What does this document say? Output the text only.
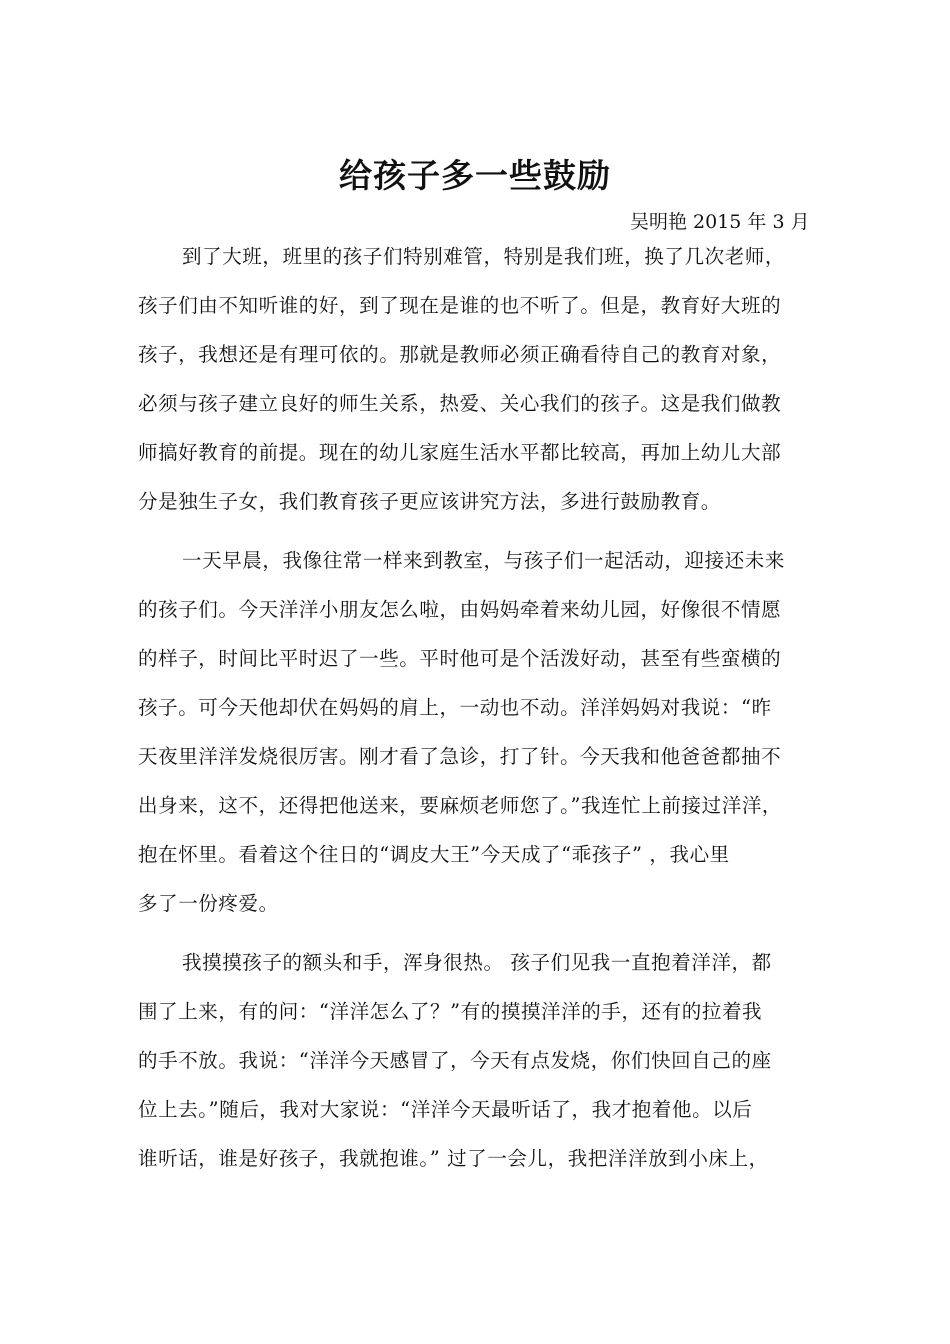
给孩子多一些鼓励

吴明艳 2015 年 3 月

到了大班，班里的孩子们特别难管，特别是我们班，换了几次老师，
孩子们由不知听谁的好，到了现在是谁的也不听了。但是，教育好大班的
孩子，我想还是有理可依的。那就是教师必须正确看待自己的教育对象，
必须与孩子建立良好的师生关系，热爱、关心我们的孩子。这是我们做教
师搞好教育的前提。现在的幼儿家庭生活水平都比较高，再加上幼儿大部
分是独生子女，我们教育孩子更应该讲究方法，多进行鼓励教育。
一天早晨，我像往常一样来到教室，与孩子们一起活动，迎接还未来
的孩子们。今天洋洋小朋友怎么啦，由妈妈牵着来幼儿园，好像很不情愿
的样子，时间比平时迟了一些。平时他可是个活泼好动，甚至有些蛮横的
孩子。可今天他却伏在妈妈的肩上，一动也不动。洋洋妈妈对我说：“昨
天夜里洋洋发烧很厉害。刚才看了急诊，打了针。今天我和他爸爸都抽不
出身来，这不，还得把他送来，要麻烦老师您了。”我连忙上前接过洋洋，
抱在怀里。看着这个往日的“调皮大王”今天成了“乖孩子” ，我心里
多了一份疼爱。
我摸摸孩子的额头和手，浑身很热。 孩子们见我一直抱着洋洋，都
围了上来，有的问：“洋洋怎么了？”有的摸摸洋洋的手，还有的拉着我
的手不放。我说：“洋洋今天感冒了，今天有点发烧，你们快回自己的座
位上去。”随后，我对大家说：“洋洋今天最听话了，我才抱着他。以后
谁听话，谁是好孩子，我就抱谁。” 过了一会儿，我把洋洋放到小床上，
